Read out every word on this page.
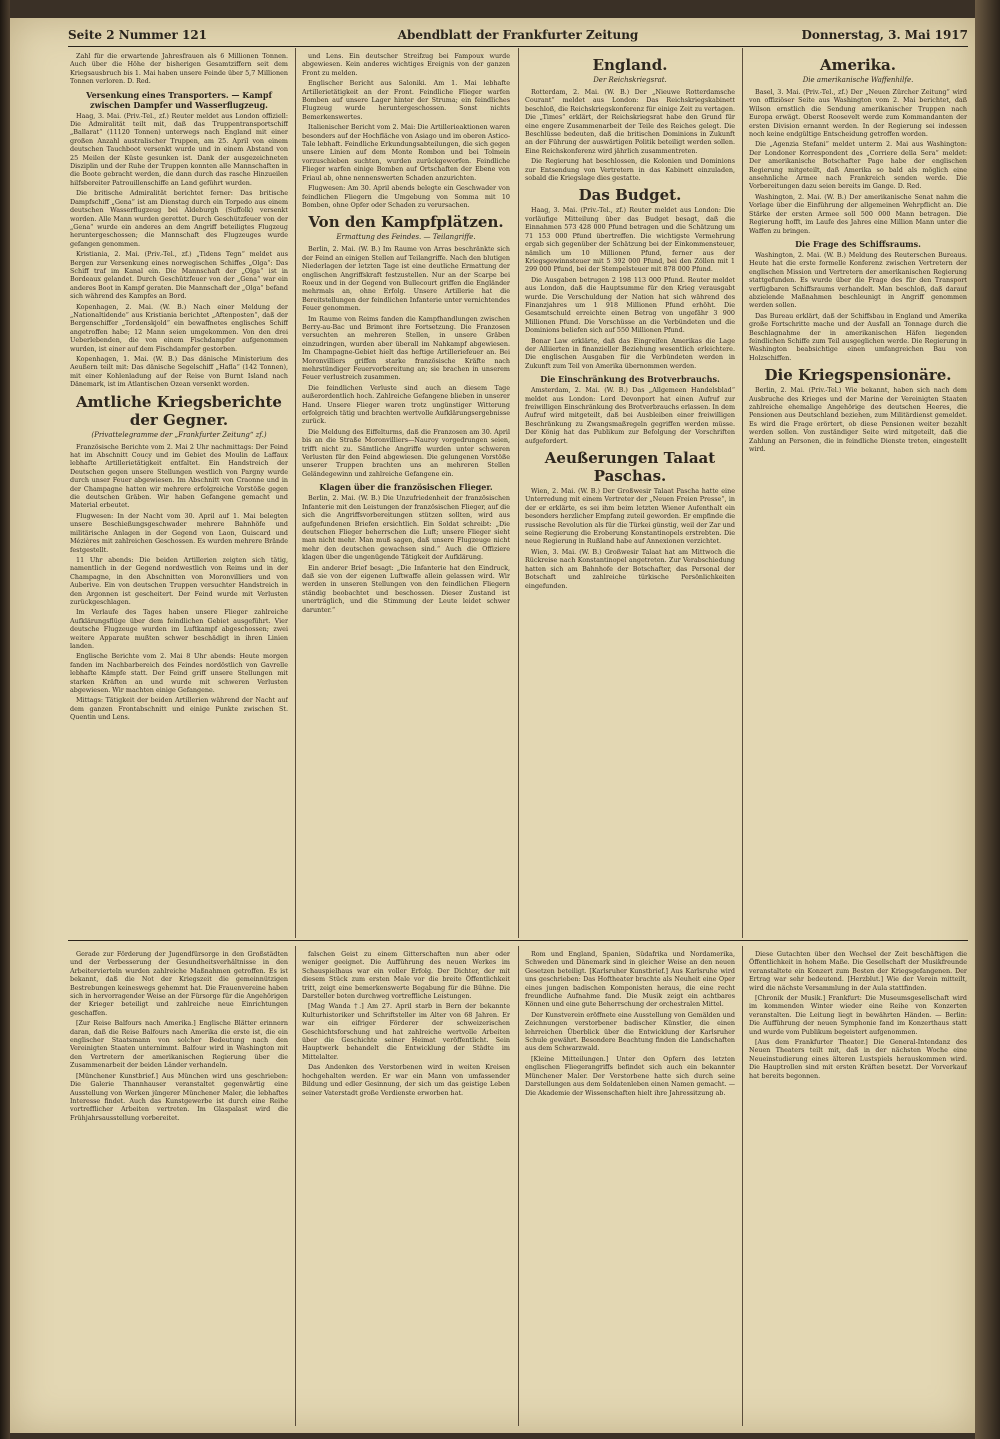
Seite 2 Nummer 121	Abendblatt der Frankfurter Zeitung	Donnerstag, 3. Mai 1917

Zahl für die erwartende Jahresfrauen als 6 Millionen Tonnen. Auch über die Höhe der bisherigen Gesamtziffern seit dem Kriegsausbruch bis 1. Mai haben unsere Feinde über 5,7 Millionen Tonnen verloren. D. Red.

Versenkung eines Transporters. — Kampf zwischen Dampfer und Wasserflugzeug.

Haag, 3. Mai. (Priv.-Tel., zf.) Reuter meldet aus London offiziell: Die Admiralität teilt mit, daß das Truppentransportschiff „Ballarat“ (11120 Tonnen) unterwegs nach England mit einer großen Anzahl australischer Truppen, am 25. April von einem deutschen Tauchboot versenkt wurde und in einem Abstand von 25 Meilen der Küste gesunken ist. Dank der ausgezeichneten Disziplin und der Ruhe der Truppen konnten alle Mannschaften in die Boote gebracht werden, die dann durch das rasche Hinzueilen hilfsbereiter Patrouillenschiffe an Land geführt wurden.

Die britische Admiralität berichtet ferner: Das britische Dampfschiff „Gena“ ist am Dienstag durch ein Torpedo aus einem deutschen Wasserflugzeug bei Aldeburgh (Suffolk) versenkt worden. Alle Mann wurden gerettet. Durch Geschützfeuer von der „Gena“ wurde ein anderes an dem Angriff beteiligtes Flugzeug heruntergeschossen; die Mannschaft des Flugzeuges wurde gefangen genommen.

Kristiania, 2. Mai. (Priv.-Tel., zf.) „Tidens Tegn“ meldet aus Bergen zur Versenkung eines norwegischen Schiffes „Olga“: Das Schiff traf im Kanal ein. Die Mannschaft der „Olga“ ist in Bordeaux gelandet. Durch Geschützfeuer von der „Gena“ war ein anderes Boot in Kampf geraten. Die Mannschaft der „Olga“ befand sich während des Kampfes an Bord.

Kopenhagen, 2. Mai. (W. B.) Nach einer Meldung der „Nationaltidende“ aus Kristiania berichtet „Aftenposten“, daß der Bergenschiffer „Tordenskjold“ ein bewaffnetes englisches Schiff angetroffen habe; 12 Mann seien umgekommen. Von den drei Ueberlebenden, die von einem Fischdampfer aufgenommen wurden, ist einer auf dem Fischdampfer gestorben.

Kopenhagen, 1. Mai. (W. B.) Das dänische Ministerium des Aeußern teilt mit: Das dänische Segelschiff „Hafla“ (142 Tonnen), mit einer Kohlenladung auf der Reise von Burnt Island nach Dänemark, ist im Atlantischen Ozean versenkt worden.

Amtliche Kriegsberichte der Gegner.
(Privattelegramme der „Frankfurter Zeitung“ zf.)

Französische Berichte vom 2. Mai 2 Uhr nachmittags: Der Feind hat im Abschnitt Coucy und im Gebiet des Moulin de Laffaux lebhafte Artillerietätigkeit entfaltet. Ein Handstreich der Deutschen gegen unsere Stellungen westlich von Pargny wurde durch unser Feuer abgewiesen. Im Abschnitt von Craonne und in der Champagne hatten wir mehrere erfolgreiche Vorstöße gegen die deutschen Gräben. Wir haben Gefangene gemacht und Material erbeutet.

Flugwesen: In der Nacht vom 30. April auf 1. Mai belegten unsere Beschießungsgeschwader mehrere Bahnhöfe und militärische Anlagen in der Gegend von Laon, Guiscard und Mézières mit zahlreichen Geschossen. Es wurden mehrere Brände festgestellt.

11 Uhr abends: Die beiden Artillerien zeigten sich tätig, namentlich in der Gegend nordwestlich von Reims und in der Champagne, in den Abschnitten von Moronvilliers und von Auberive. Ein von deutschen Truppen versuchter Handstreich in den Argonnen ist gescheitert. Der Feind wurde mit Verlusten zurückgeschlagen.

Im Verlaufe des Tages haben unsere Flieger zahlreiche Aufklärungsflüge über dem feindlichen Gebiet ausgeführt. Vier deutsche Flugzeuge wurden im Luftkampf abgeschossen; zwei weitere Apparate mußten schwer beschädigt in ihren Linien landen.

Englische Berichte vom 2. Mai 8 Uhr abends: Heute morgen fanden im Nachbarbereich des Feindes nordöstlich von Gavrelle lebhafte Kämpfe statt. Der Feind griff unsere Stellungen mit starken Kräften an und wurde mit schweren Verlusten abgewiesen. Wir machten einige Gefangene.

Mittags: Tätigkeit der beiden Artillerien während der Nacht auf dem ganzen Frontabschnitt und einige Punkte zwischen St. Quentin und Lens.

und Lens. Ein deutscher Streifzug bei Fampoux wurde abgewiesen. Kein anderes wichtiges Ereignis von der ganzen Front zu melden.

Englischer Bericht aus Saloniki. Am 1. Mai lebhafte Artillerietätigkeit an der Front. Feindliche Flieger warfen Bomben auf unsere Lager hinter der Struma; ein feindliches Flugzeug wurde heruntergeschossen. Sonst nichts Bemerkenswertes.

Italienischer Bericht vom 2. Mai: Die Artillerieaktionen waren besonders auf der Hochfläche von Asiago und im oberen Astico-Tale lebhaft. Feindliche Erkundungsabteilungen, die sich gegen unsere Linien auf dem Monte Rombon und bei Tolmein vorzuschieben suchten, wurden zurückgeworfen. Feindliche Flieger warfen einige Bomben auf Ortschaften der Ebene von Friaul ab, ohne nennenswerten Schaden anzurichten.

Flugwesen: Am 30. April abends belegte ein Geschwader von feindlichen Fliegern die Umgebung von Somma mit 10 Bomben, ohne Opfer oder Schaden zu verursachen.

Von den Kampfplätzen.
Ermattung des Feindes. — Teilangriffe.

Berlin, 2. Mai. (W. B.) Im Raume von Arras beschränkte sich der Feind an einigen Stellen auf Teilangriffe. Nach den blutigen Niederlagen der letzten Tage ist eine deutliche Ermattung der englischen Angriffskraft festzustellen. Nur an der Scarpe bei Roeux und in der Gegend von Bullecourt griffen die Engländer mehrmals an, ohne Erfolg. Unsere Artillerie hat die Bereitstellungen der feindlichen Infanterie unter vernichtendes Feuer genommen.

Im Raume von Reims fanden die Kampfhandlungen zwischen Berry-au-Bac und Brimont ihre Fortsetzung. Die Franzosen versuchten an mehreren Stellen, in unsere Gräben einzudringen, wurden aber überall im Nahkampf abgewiesen. Im Champagne-Gebiet hielt das heftige Artilleriefeuer an. Bei Moronvilliers griffen starke französische Kräfte nach mehrstündiger Feuervorbereitung an; sie brachen in unserem Feuer verlustreich zusammen.

Die feindlichen Verluste sind auch an diesem Tage außerordentlich hoch. Zahlreiche Gefangene blieben in unserer Hand. Unsere Flieger waren trotz ungünstiger Witterung erfolgreich tätig und brachten wertvolle Aufklärungsergebnisse zurück.

Die Meldung des Eiffelturms, daß die Franzosen am 30. April bis an die Straße Moronvilliers—Nauroy vorgedrungen seien, trifft nicht zu. Sämtliche Angriffe wurden unter schweren Verlusten für den Feind abgewiesen. Die gelungenen Vorstöße unserer Truppen brachten uns an mehreren Stellen Geländegewinn und zahlreiche Gefangene ein.

Klagen über die französischen Flieger.

Berlin, 2. Mai. (W. B.) Die Unzufriedenheit der französischen Infanterie mit den Leistungen der französischen Flieger, auf die sich die Angriffsvorbereitungen stützen sollten, wird aus aufgefundenen Briefen ersichtlich. Ein Soldat schreibt: „Die deutschen Flieger beherrschen die Luft; unsere Flieger sieht man nicht mehr. Man muß sagen, daß unsere Flugzeuge nicht mehr den deutschen gewachsen sind.“ Auch die Offiziere klagen über die ungenügende Tätigkeit der Aufklärung.

Ein anderer Brief besagt: „Die Infanterie hat den Eindruck, daß sie von der eigenen Luftwaffe allein gelassen wird. Wir werden in unseren Stellungen von den feindlichen Fliegern ständig beobachtet und beschossen. Dieser Zustand ist unerträglich, und die Stimmung der Leute leidet schwer darunter.“

England.
Der Reichskriegsrat.

Rotterdam, 2. Mai. (W. B.) Der „Nieuwe Rotterdamsche Courant“ meldet aus London: Das Reichskriegskabinett beschloß, die Reichskriegskonferenz für einige Zeit zu vertagen. Die „Times“ erklärt, der Reichskriegsrat habe den Grund für eine engere Zusammenarbeit der Teile des Reiches gelegt. Die Beschlüsse bedeuten, daß die britischen Dominions in Zukunft an der Führung der auswärtigen Politik beteiligt werden sollen. Eine Reichskonferenz wird jährlich zusammentreten.

Die Regierung hat beschlossen, die Kolonien und Dominions zur Entsendung von Vertretern in das Kabinett einzuladen, sobald die Kriegslage dies gestatte.

Das Budget.

Haag, 3. Mai. (Priv.-Tel., zf.) Reuter meldet aus London: Die vorläufige Mitteilung über das Budget besagt, daß die Einnahmen 573 428 000 Pfund betragen und die Schätzung um 71 153 000 Pfund übertreffen. Die wichtigste Vermehrung ergab sich gegenüber der Schätzung bei der Einkommensteuer, nämlich um 10 Millionen Pfund, ferner aus der Kriegsgewinnsteuer mit 5 392 000 Pfund, bei den Zöllen mit 1 299 000 Pfund, bei der Stempelsteuer mit 878 000 Pfund.

Die Ausgaben betrugen 2 198 113 000 Pfund. Reuter meldet aus London, daß die Hauptsumme für den Krieg verausgabt wurde. Die Verschuldung der Nation hat sich während des Finanzjahres um 1 918 Millionen Pfund erhöht. Die Gesamtschuld erreichte einen Betrag von ungefähr 3 900 Millionen Pfund. Die Vorschüsse an die Verbündeten und die Dominions beliefen sich auf 550 Millionen Pfund.

Bonar Law erklärte, daß das Eingreifen Amerikas die Lage der Alliierten in finanzieller Beziehung wesentlich erleichtere. Die englischen Ausgaben für die Verbündeten werden in Zukunft zum Teil von Amerika übernommen werden.

Die Einschränkung des Brotverbrauchs.

Amsterdam, 2. Mai. (W. B.) Das „Allgemeen Handelsblad“ meldet aus London: Lord Devonport hat einen Aufruf zur freiwilligen Einschränkung des Brotverbrauchs erlassen. In dem Aufruf wird mitgeteilt, daß bei Ausbleiben einer freiwilligen Beschränkung zu Zwangsmaßregeln gegriffen werden müsse. Der König hat das Publikum zur Befolgung der Vorschriften aufgefordert.

Aeußerungen Talaat Paschas.

Wien, 2. Mai. (W. B.) Der Großwesir Talaat Pascha hatte eine Unterredung mit einem Vertreter der „Neuen Freien Presse“, in der er erklärte, es sei ihm beim letzten Wiener Aufenthalt ein besonders herzlicher Empfang zuteil geworden. Er empfinde die russische Revolution als für die Türkei günstig, weil der Zar und seine Regierung die Eroberung Konstantinopels erstrebten. Die neue Regierung in Rußland habe auf Annexionen verzichtet.

Wien, 3. Mai. (W. B.) Großwesir Talaat hat am Mittwoch die Rückreise nach Konstantinopel angetreten. Zur Verabschiedung hatten sich am Bahnhofe der Botschafter, das Personal der Botschaft und zahlreiche türkische Persönlichkeiten eingefunden.

Amerika.
Die amerikanische Waffenhilfe.

Basel, 3. Mai. (Priv.-Tel., zf.) Der „Neuen Zürcher Zeitung“ wird von offiziöser Seite aus Washington vom 2. Mai berichtet, daß Wilson ernstlich die Sendung amerikanischer Truppen nach Europa erwägt. Oberst Roosevelt werde zum Kommandanten der ersten Division ernannt werden. In der Regierung sei indessen noch keine endgültige Entscheidung getroffen worden.

Die „Agenzia Stefani“ meldet unterm 2. Mai aus Washington: Der Londoner Korrespondent des „Corriere della Sera“ meldet: Der amerikanische Botschafter Page habe der englischen Regierung mitgeteilt, daß Amerika so bald als möglich eine ansehnliche Armee nach Frankreich senden werde. Die Vorbereitungen dazu seien bereits im Gange. D. Red.

Washington, 2. Mai. (W. B.) Der amerikanische Senat nahm die Vorlage über die Einführung der allgemeinen Wehrpflicht an. Die Stärke der ersten Armee soll 500 000 Mann betragen. Die Regierung hofft, im Laufe des Jahres eine Million Mann unter die Waffen zu bringen.

Die Frage des Schiffsraums.

Washington, 2. Mai. (W. B.) Meldung des Reuterschen Bureaus. Heute hat die erste formelle Konferenz zwischen Vertretern der englischen Mission und Vertretern der amerikanischen Regierung stattgefunden. Es wurde über die Frage des für den Transport verfügbaren Schiffsraums verhandelt. Man beschloß, daß darauf abzielende Maßnahmen beschleunigt in Angriff genommen werden sollen.

Das Bureau erklärt, daß der Schiffsbau in England und Amerika große Fortschritte mache und der Ausfall an Tonnage durch die Beschlagnahme der in amerikanischen Häfen liegenden feindlichen Schiffe zum Teil ausgeglichen werde. Die Regierung in Washington beabsichtige einen umfangreichen Bau von Holzschiffen.

Die Kriegspensionäre.

Berlin, 2. Mai. (Priv.-Tel.) Wie bekannt, haben sich nach dem Ausbruche des Krieges und der Marine der Vereinigten Staaten zahlreiche ehemalige Angehörige des deutschen Heeres, die Pensionen aus Deutschland beziehen, zum Militärdienst gemeldet. Es wird die Frage erörtert, ob diese Pensionen weiter bezahlt werden sollen. Von zuständiger Seite wird mitgeteilt, daß die Zahlung an Personen, die in feindliche Dienste treten, eingestellt wird.

Gerade zur Förderung der Jugendfürsorge in den Großstädten und der Verbesserung der Gesundheitsverhältnisse in den Arbeitervierteln wurden zahlreiche Maßnahmen getroffen. Es ist bekannt, daß die Not der Kriegszeit die gemeinnützigen Bestrebungen keineswegs gehemmt hat. Die Frauenvereine haben sich in hervorragender Weise an der Fürsorge für die Angehörigen der Krieger beteiligt und zahlreiche neue Einrichtungen geschaffen.

[Zur Reise Balfours nach Amerika.] Englische Blätter erinnern daran, daß die Reise Balfours nach Amerika die erste ist, die ein englischer Staatsmann von solcher Bedeutung nach den Vereinigten Staaten unternimmt. Balfour wird in Washington mit den Vertretern der amerikanischen Regierung über die Zusammenarbeit der beiden Länder verhandeln.

[Münchener Kunstbrief.] Aus München wird uns geschrieben: Die Galerie Thannhauser veranstaltet gegenwärtig eine Ausstellung von Werken jüngerer Münchener Maler, die lebhaftes Interesse findet. Auch das Kunstgewerbe ist durch eine Reihe vortrefflicher Arbeiten vertreten. Im Glaspalast wird die Frühjahrsausstellung vorbereitet.

falschen Geist zu einem Gitterschaften nun aber oder weniger geeignet. Die Aufführung des neuen Werkes im Schauspielhaus war ein voller Erfolg. Der Dichter, der mit diesem Stück zum ersten Male vor die breite Öffentlichkeit tritt, zeigt eine bemerkenswerte Begabung für die Bühne. Die Darsteller boten durchweg vortreffliche Leistungen.

[Mag Wanda †.] Am 27. April starb in Bern der bekannte Kulturhistoriker und Schriftsteller im Alter von 68 Jahren. Er war ein eifriger Förderer der schweizerischen Geschichtsforschung und hat zahlreiche wertvolle Arbeiten über die Geschichte seiner Heimat veröffentlicht. Sein Hauptwerk behandelt die Entwicklung der Städte im Mittelalter.

Das Andenken des Verstorbenen wird in weiten Kreisen hochgehalten werden. Er war ein Mann von umfassender Bildung und edler Gesinnung, der sich um das geistige Leben seiner Vaterstadt große Verdienste erworben hat.

Rom und England, Spanien, Südafrika und Nordamerika, Schweden und Dänemark sind in gleicher Weise an den neuen Gesetzen beteiligt. [Karlsruher Kunstbrief.] Aus Karlsruhe wird uns geschrieben: Das Hoftheater brachte als Neuheit eine Oper eines jungen badischen Komponisten heraus, die eine recht freundliche Aufnahme fand. Die Musik zeigt ein achtbares Können und eine gute Beherrschung der orchestralen Mittel.

Der Kunstverein eröffnete eine Ausstellung von Gemälden und Zeichnungen verstorbener badischer Künstler, die einen lehrreichen Überblick über die Entwicklung der Karlsruher Schule gewährt. Besondere Beachtung finden die Landschaften aus dem Schwarzwald.

[Kleine Mitteilungen.] Unter den Opfern des letzten englischen Fliegerangriffs befindet sich auch ein bekannter Münchener Maler. Der Verstorbene hatte sich durch seine Darstellungen aus dem Soldatenleben einen Namen gemacht. — Die Akademie der Wissenschaften hielt ihre Jahressitzung ab.

Diese Gutachten über den Wechsel der Zeit beschäftigen die Öffentlichkeit in hohem Maße. Die Gesellschaft der Musikfreunde veranstaltete ein Konzert zum Besten der Kriegsgefangenen. Der Ertrag war sehr bedeutend. [Herzblut.] Wie der Verein mitteilt, wird die nächste Versammlung in der Aula stattfinden.

[Chronik der Musik.] Frankfurt: Die Museumsgesellschaft wird im kommenden Winter wieder eine Reihe von Konzerten veranstalten. Die Leitung liegt in bewährten Händen. — Berlin: Die Aufführung der neuen Symphonie fand im Konzerthaus statt und wurde vom Publikum begeistert aufgenommen.

[Aus dem Frankfurter Theater.] Die General-Intendanz des Neuen Theaters teilt mit, daß in der nächsten Woche eine Neueinstudierung eines älteren Lustspiels herauskommen wird. Die Hauptrollen sind mit ersten Kräften besetzt. Der Vorverkauf hat bereits begonnen.
